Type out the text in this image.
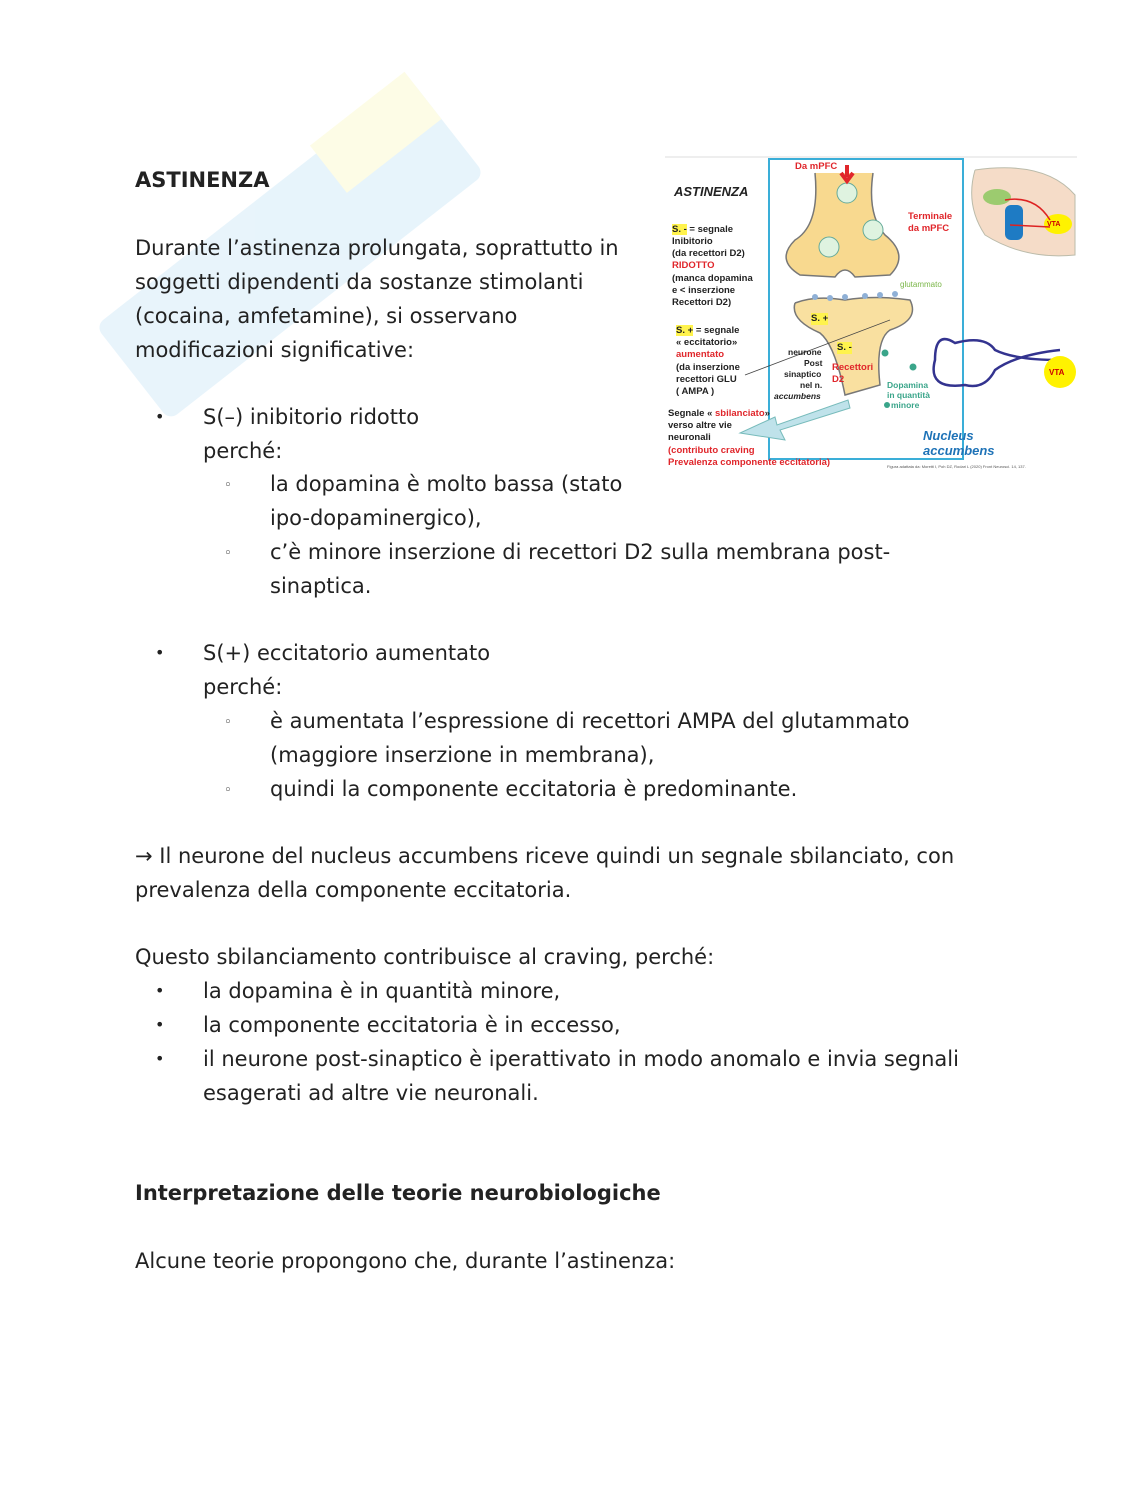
ASTINENZA
Durante l’astinenza prolungata, soprattutto in
soggetti dipendenti da sostanze stimolanti
(cocaina, amfetamine), si osservano
modificazioni significative:
• S(–) inibitorio ridotto
perché:
◦ la dopamina è molto bassa (stato
ipo-dopaminergico),
◦ c’è minore inserzione di recettori D2 sulla membrana post-
sinaptica.
• S(+) eccitatorio aumentato
perché:
◦ è aumentata l’espressione di recettori AMPA del glutammato
(maggiore inserzione in membrana),
◦ quindi la componente eccitatoria è predominante.
→ Il neurone del nucleus accumbens riceve quindi un segnale sbilanciato, con
prevalenza della componente eccitatoria.
Questo sbilanciamento contribuisce al craving, perché:
• la dopamina è in quantità minore,
• la componente eccitatoria è in eccesso,
• il neurone post-sinaptico è iperattivato in modo anomalo e invia segnali
esagerati ad altre vie neuronali.
Interpretazione delle teorie neurobiologiche
Alcune teorie propongono che, durante l’astinenza:
ASTINENZA
Da mPFC
Terminale
da mPFC
S. - = segnale
Inibitorio
(da recettori D2)
RIDOTTO
(manca dopamina
e < inserzione
Recettori D2)
S. + = segnale
« eccitatorio»
aumentato
(da inserzione
recettori GLU
( AMPA )
glutammato
S. +
S. -
neurone
Post
sinaptico
nel n.
accumbens
Recettori
D2	Dopamina
in quantità
minore
VTA
VTA
Segnale « sbilanciato»
verso altre vie
neuronali
(contributo craving
Prevalenza componente eccitatoria)
Nucleus
accumbens
Figura adattata da: Moretti I, Poh DZ, Rodari L (2020) Front Neurosci. 14, 137.
